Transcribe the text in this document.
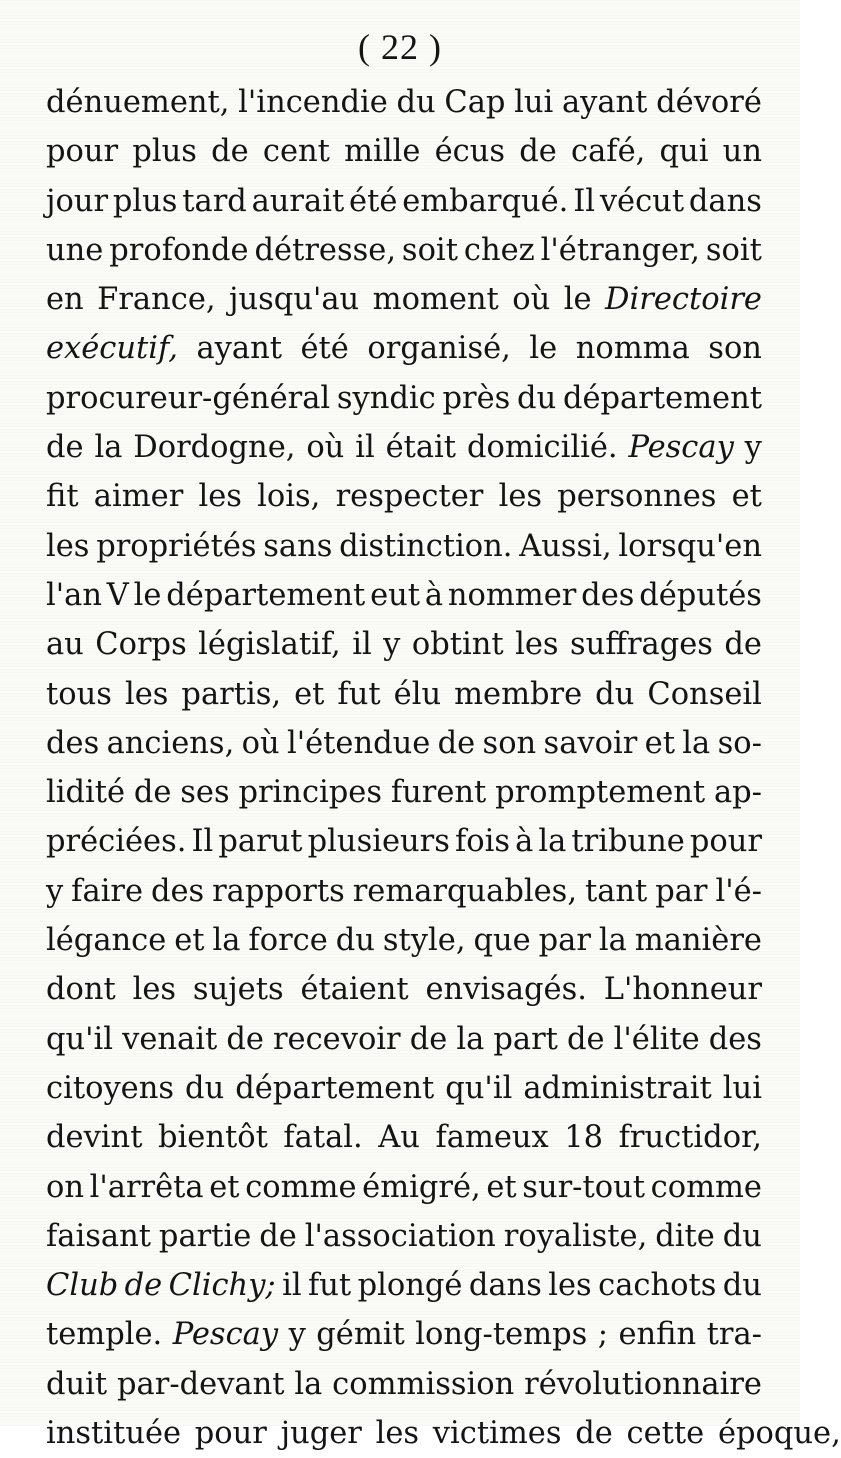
( 22 )
dénuement, l'incendie du Cap lui ayant dévoré
pour plus de cent mille écus de café, qui un
jour plus tard aurait été embarqué. Il vécut dans
une profonde détresse, soit chez l'étranger, soit
en France, jusqu'au moment où le Directoire
exécutif, ayant été organisé, le nomma son
procureur-général syndic près du département
de la Dordogne, où il était domicilié. Pescay y
fit aimer les lois, respecter les personnes et
les propriétés sans distinction. Aussi, lorsqu'en
l'an V le département eut à nommer des députés
au Corps législatif, il y obtint les suffrages de
tous les partis, et fut élu membre du Conseil
des anciens, où l'étendue de son savoir et la so-
lidité de ses principes furent promptement ap-
préciées. Il parut plusieurs fois à la tribune pour
y faire des rapports remarquables, tant par l'é-
légance et la force du style, que par la manière
dont les sujets étaient envisagés. L'honneur
qu'il venait de recevoir de la part de l'élite des
citoyens du département qu'il administrait lui
devint bientôt fatal. Au fameux 18 fructidor,
on l'arrêta et comme émigré, et sur-tout comme
faisant partie de l'association royaliste, dite du
Club de Clichy; il fut plongé dans les cachots du
temple. Pescay y gémit long-temps ; enfin tra-
duit par-devant la commission révolutionnaire
instituée pour juger les victimes de cette époque,
